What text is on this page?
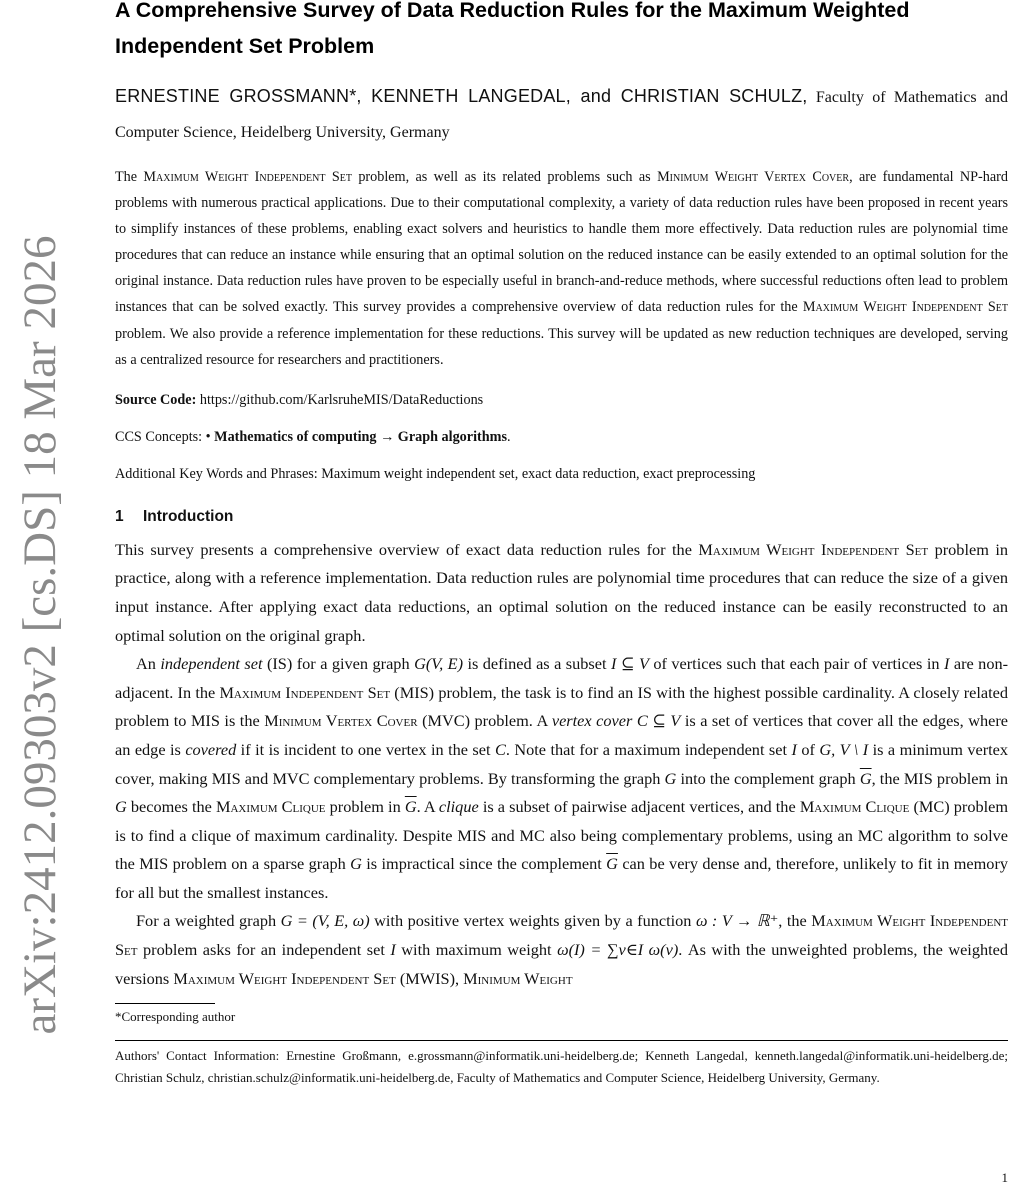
arXiv:2412.09303v2 [cs.DS] 18 Mar 2026
A Comprehensive Survey of Data Reduction Rules for the Maximum Weighted Independent Set Problem
ERNESTINE GROSSMANN*, KENNETH LANGEDAL, and CHRISTIAN SCHULZ, Faculty of Mathematics and Computer Science, Heidelberg University, Germany
The Maximum Weight Independent Set problem, as well as its related problems such as Minimum Weight Vertex Cover, are fundamental NP-hard problems with numerous practical applications. Due to their computational complexity, a variety of data reduction rules have been proposed in recent years to simplify instances of these problems, enabling exact solvers and heuristics to handle them more effectively. Data reduction rules are polynomial time procedures that can reduce an instance while ensuring that an optimal solution on the reduced instance can be easily extended to an optimal solution for the original instance. Data reduction rules have proven to be especially useful in branch-and-reduce methods, where successful reductions often lead to problem instances that can be solved exactly. This survey provides a comprehensive overview of data reduction rules for the Maximum Weight Independent Set problem. We also provide a reference implementation for these reductions. This survey will be updated as new reduction techniques are developed, serving as a centralized resource for researchers and practitioners.
Source Code: https://github.com/KarlsruheMIS/DataReductions
CCS Concepts: • Mathematics of computing → Graph algorithms.
Additional Key Words and Phrases: Maximum weight independent set, exact data reduction, exact preprocessing
1 Introduction

This survey presents a comprehensive overview of exact data reduction rules for the Maximum Weight Independent Set problem in practice, along with a reference implementation. Data reduction rules are polynomial time procedures that can reduce the size of a given input instance. After applying exact data reductions, an optimal solution on the reduced instance can be easily reconstructed to an optimal solution on the original graph.

An independent set (IS) for a given graph G(V, E) is defined as a subset I ⊆ V of vertices such that each pair of vertices in I are non-adjacent. In the Maximum Independent Set (MIS) problem, the task is to find an IS with the highest possible cardinality. A closely related problem to MIS is the Minimum Vertex Cover (MVC) problem. A vertex cover C ⊆ V is a set of vertices that cover all the edges, where an edge is covered if it is incident to one vertex in the set C. Note that for a maximum independent set I of G, V \ I is a minimum vertex cover, making MIS and MVC complementary problems. By transforming the graph G into the complement graph $\overline{G}$, the MIS problem in G becomes the Maximum Clique problem in $\overline{G}$. A clique is a subset of pairwise adjacent vertices, and the Maximum Clique (MC) problem is to find a clique of maximum cardinality. Despite MIS and MC also being complementary problems, using an MC algorithm to solve the MIS problem on a sparse graph G is impractical since the complement $\overline{G}$ can be very dense and, therefore, unlikely to fit in memory for all but the smallest instances.

For a weighted graph G = (V, E, ω) with positive vertex weights given by a function ω : V → ℝ⁺, the Maximum Weight Independent Set problem asks for an independent set I with maximum weight ω(I) = ∑v∈I ω(v). As with the unweighted problems, the weighted versions Maximum Weight Independent Set (MWIS), Minimum Weight

*Corresponding author
Authors' Contact Information: Ernestine Großmann, e.grossmann@informatik.uni-heidelberg.de; Kenneth Langedal, kenneth.langedal@informatik.uni-heidelberg.de; Christian Schulz, christian.schulz@informatik.uni-heidelberg.de, Faculty of Mathematics and Computer Science, Heidelberg University, Germany.
1
